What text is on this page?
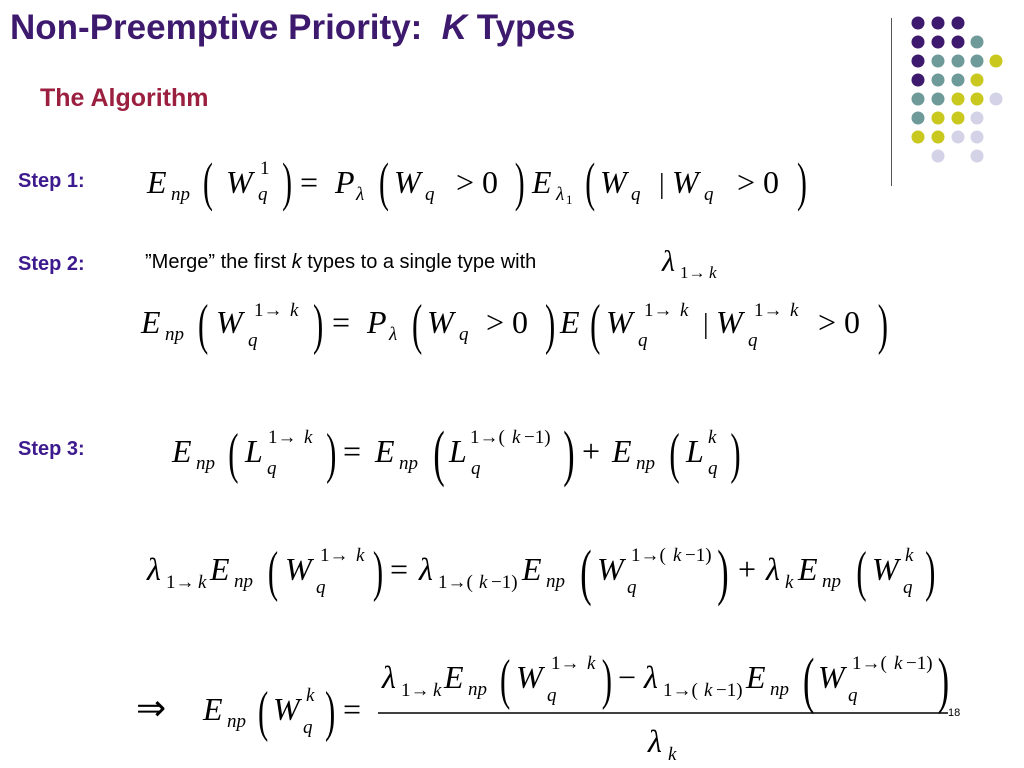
Non-Preemptive Priority: K Types
The Algorithm
Step 1:
Step 2:
Step 3:
”Merge” the first k types to a single type with
E np ( W 1
q ) = P λ ( W q > 0 ) E λ 1 ( W q | W q > 0 )
λ 1→ k
E np ( W 1→ k
q ) = P λ ( W q > 0 ) E ( W 1→ k
q
| W 1→ k
q
> 0 )
E np ( L 1→ k
q ) = E np ( L 1→( k −1)
q ) + E np ( L k
q )
λ 1→ k E np ( W 1→ k
q ) = λ 1→( k −1) E np ( W 1→( k −1)
q ) + λ k E np ( W k
q )
⇒ E np ( W k
q ) =
λ 1→ k E np ( W 1→ k
q ) − λ 1→( k −1) E np ( W 1→( k −1)
q )
λ k
18
